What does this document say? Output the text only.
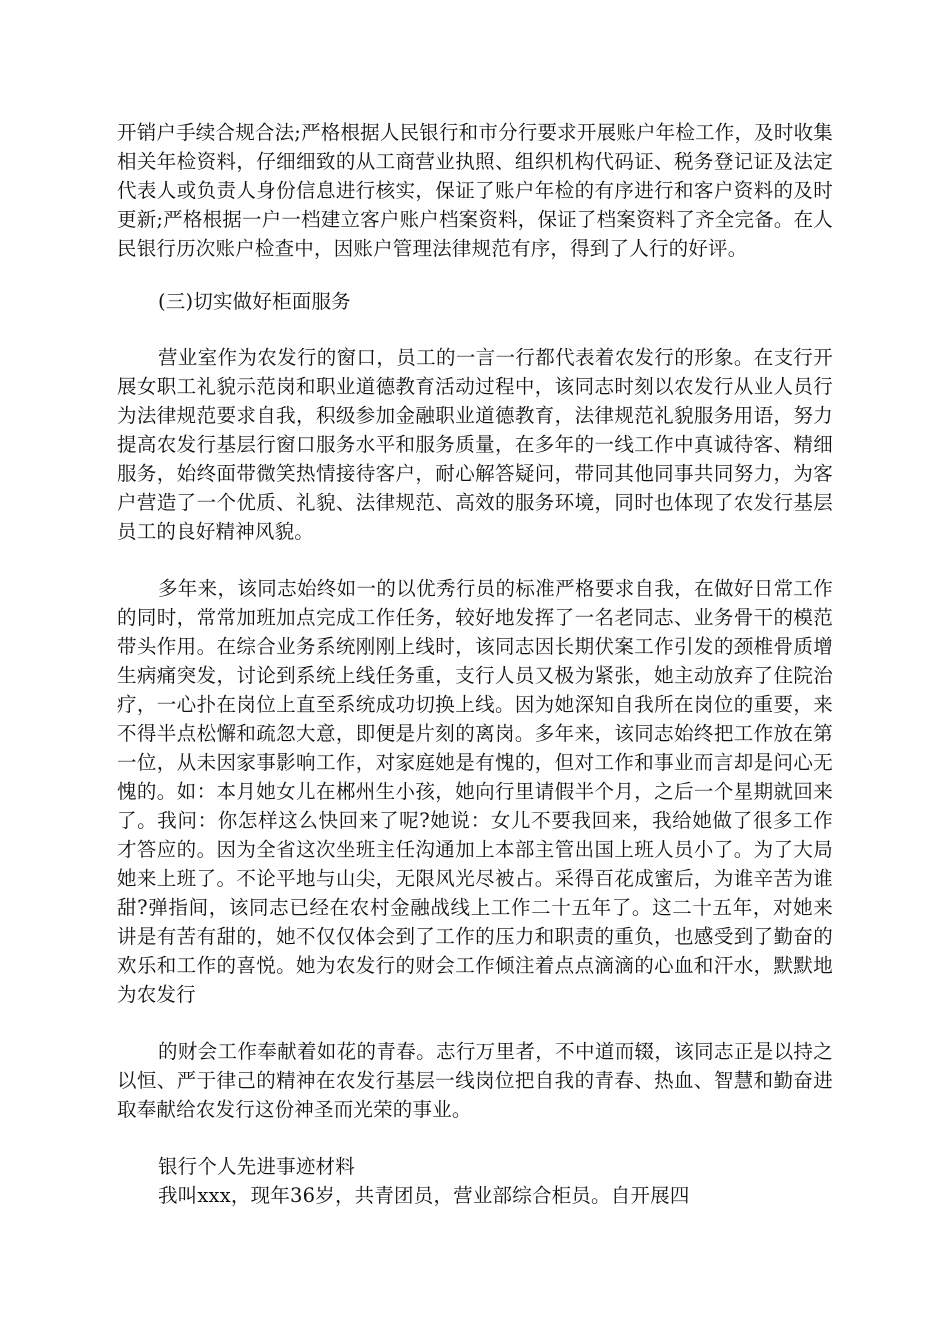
开销户手续合规合法;严格根据人民银行和市分行要求开展账户年检工作，及时收集相关年检资料，仔细细致的从工商营业执照、组织机构代码证、税务登记证及法定代表人或负责人身份信息进行核实，保证了账户年检的有序进行和客户资料的及时更新;严格根据一户一档建立客户账户档案资料，保证了档案资料了齐全完备。在人民银行历次账户检查中，因账户管理法律规范有序，得到了人行的好评。

(三)切实做好柜面服务

营业室作为农发行的窗口，员工的一言一行都代表着农发行的形象。在支行开展女职工礼貌示范岗和职业道德教育活动过程中，该同志时刻以农发行从业人员行为法律规范要求自我，积级参加金融职业道德教育，法律规范礼貌服务用语，努力提高农发行基层行窗口服务水平和服务质量，在多年的一线工作中真诚待客、精细服务，始终面带微笑热情接待客户，耐心解答疑问，带同其他同事共同努力，为客户营造了一个优质、礼貌、法律规范、高效的服务环境，同时也体现了农发行基层员工的良好精神风貌。

多年来，该同志始终如一的以优秀行员的标准严格要求自我，在做好日常工作的同时，常常加班加点完成工作任务，较好地发挥了一名老同志、业务骨干的模范带头作用。在综合业务系统刚刚上线时，该同志因长期伏案工作引发的颈椎骨质增生病痛突发，讨论到系统上线任务重，支行人员又极为紧张，她主动放弃了住院治疗，一心扑在岗位上直至系统成功切换上线。因为她深知自我所在岗位的重要，来不得半点松懈和疏忽大意，即便是片刻的离岗。多年来，该同志始终把工作放在第一位，从未因家事影响工作，对家庭她是有愧的，但对工作和事业而言却是问心无愧的。如：本月她女儿在郴州生小孩，她向行里请假半个月，之后一个星期就回来了。我问：你怎样这么快回来了呢?她说：女儿不要我回来，我给她做了很多工作才答应的。因为全省这次坐班主任沟通加上本部主管出国上班人员小了。为了大局她来上班了。不论平地与山尖，无限风光尽被占。采得百花成蜜后，为谁辛苦为谁甜?弹指间，该同志已经在农村金融战线上工作二十五年了。这二十五年，对她来讲是有苦有甜的，她不仅仅体会到了工作的压力和职责的重负，也感受到了勤奋的欢乐和工作的喜悦。她为农发行的财会工作倾注着点点滴滴的心血和汗水，默默地为农发行

的财会工作奉献着如花的青春。志行万里者，不中道而辍，该同志正是以持之以恒、严于律己的精神在农发行基层一线岗位把自我的青春、热血、智慧和勤奋进取奉献给农发行这份神圣而光荣的事业。

银行个人先进事迹材料

我叫xxx，现年36岁，共青团员，营业部综合柜员。自开展四
